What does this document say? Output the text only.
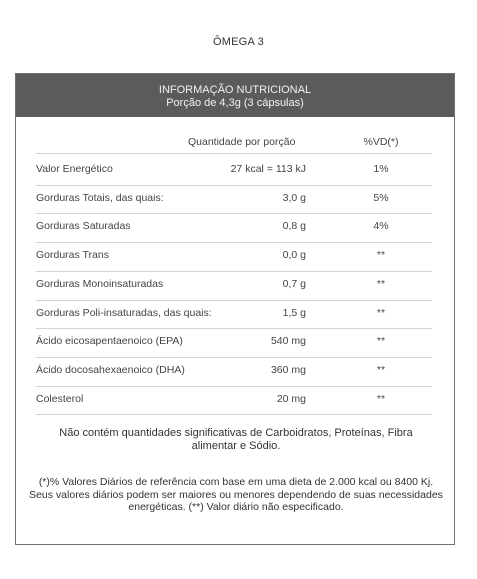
ÔMEGA 3
INFORMAÇÃO NUTRICIONAL
Porção de 4,3g (3 cápsulas)
Quantidade por porção	%VD(*)
Valor Energético	27 kcal = 113 kJ	1%
Gorduras Totais, das quais:	3,0 g	5%
Gorduras Saturadas	0,8 g	4%
Gorduras Trans	0,0 g	**
Gorduras Monoinsaturadas	0,7 g	**
Gorduras Poli-insaturadas, das quais:	1,5 g	**
Ácido eicosapentaenoico (EPA)	540 mg	**
Ácido docosahexaenoico (DHA)	360 mg	**
Colesterol	20 mg	**
Não contém quantidades significativas de Carboidratos, Proteínas, Fibra alimentar e Sódio.
(*)% Valores Diários de referência com base em uma dieta de 2.000 kcal ou 8400 Kj. Seus valores diários podem ser maiores ou menores dependendo de suas necessidades energéticas. (**) Valor diário não especificado.
